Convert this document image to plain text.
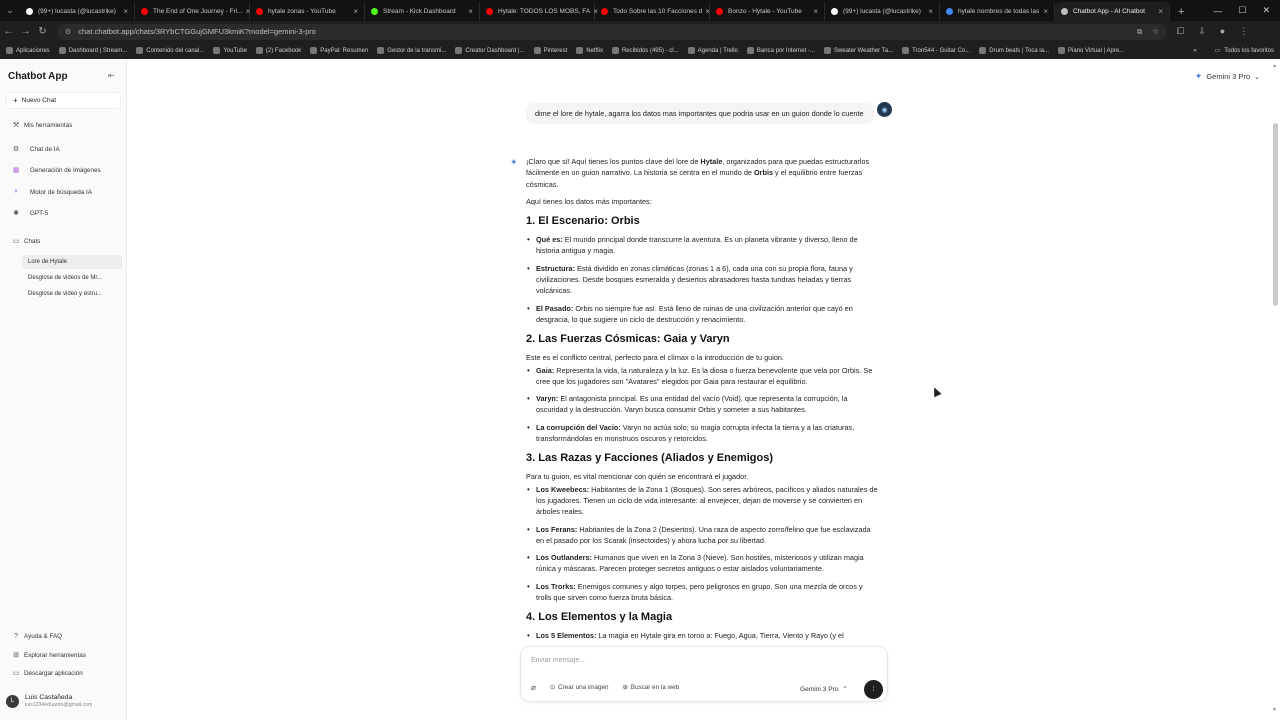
⌄	(99+) lucasta (@lucastrike) ×	The End of One Journey - Fri... ×	hytale zonas - YouTube	×	Stream - Kick Dashboard	×	Hytale: TODOS LOS MOBS, FA × Todo Sobre las 10 Facciones d ×	Bonzo - Hytale - YouTube	×	(99+) lucasta (@lucastrike) ×	hytale nombres de todas las ×	Chatbot App - AI Chatbot	×	+	— ☐ ✕
← → ↻	⚙ chat.chatbot.app/chats/3RYbCTGGujGMFU3kmiK?model=gemini-3-pro	⧉ ☆ ⧠ ⇩ ● ⋮
Aplicaciones	Dashboard | Stream...	Contenido del canal...	YouTube	(2) Facebook	PayPal: Resumen	Gestor de la transmi...	Creator Dashboard |...	Pinterest	Netflix	Recibidos (495) - cl...	Agenda | Trello	Banca por Internet -...	Sweater Weather Ta...	Tron544 - Guitar Co...	Drum beats | Toca la...	Piano Virtual | Apre...	»	▭ Todos los favoritos
Chatbot App	⇤
+ Nuevo Chat
⚒ Mis herramientas
⚙ Chat de IA
▦ Generación de Imágenes
⌕	Motor de búsqueda IA
✺	GPT-5
▭ Chats
Lore de Hytale
Desglose de videos de Mr...
Desglose de video y estru...
? Ayuda & FAQ
⊞ Explorar herramientas
▭ Descargar aplicación
L	Luis Castañeda
luis1234eduardo@gmail.com
✦ Gemini 3 Pro ⌄
dime el lore de hytale, agarra los datos mas importantes que podria usar en un guion donde lo cuente	◉
✦ ¡Claro que sí! Aquí tienes los puntos clave del lore de Hytale, organizados para que puedas estructurarlos fácilmente en un guion narrativo. La historia se centra en el mundo de Orbis y el equilibrio entre fuerzas cósmicas.

Aquí tienes los datos más importantes:

1. El Escenario: Orbis
• Qué es: El mundo principal donde transcurre la aventura. Es un planeta vibrante y diverso, lleno de historia antigua y magia.
• Estructura: Está dividido en zonas climáticas (zonas 1 a 6), cada una con su propia flora, fauna y civilizaciones. Desde bosques esmeralda y desiertos abrasadores hasta tundras heladas y tierras volcánicas.
• El Pasado: Orbis no siempre fue así. Está lleno de ruinas de una civilización anterior que cayó en desgracia, lo que sugiere un ciclo de destrucción y renacimiento.
2. Las Fuerzas Cósmicas: Gaia y Varyn

Este es el conflicto central, perfecto para el clímax o la introducción de tu guion.

• Gaia: Representa la vida, la naturaleza y la luz. Es la diosa o fuerza benevolente que vela por Orbis. Se cree que los jugadores son "Avatares" elegidos por Gaia para restaurar el equilibrio.
• Varyn: El antagonista principal. Es una entidad del vacío (Void), que representa la corrupción, la oscuridad y la destrucción. Varyn busca consumir Orbis y someter a sus habitantes.
• La corrupción del Vacío: Varyn no actúa solo; su magia corrupta infecta la tierra y a las criaturas, transformándolas en monstruos oscuros y retorcidos.
3. Las Razas y Facciones (Aliados y Enemigos)

Para tu guion, es vital mencionar con quién se encontrará el jugador.

• Los Kweebecs: Habitantes de la Zona 1 (Bosques). Son seres arbóreos, pacíficos y aliados naturales de los jugadores. Tienen un ciclo de vida interesante: al envejecer, dejan de moverse y se convierten en árboles reales.
• Los Ferans: Habitantes de la Zona 2 (Desiertos). Una raza de aspecto zorro/felino que fue esclavizada en el pasado por los Scarak (insectoides) y ahora lucha por su libertad.
• Los Outlanders: Humanos que viven en la Zona 3 (Nieve). Son hostiles, misteriosos y utilizan magia rúnica y máscaras. Parecen proteger secretos antiguos o estar aislados voluntariamente.
• Los Trorks: Enemigos comunes y algo torpes, pero peligrosos en grupo. Son una mezcla de orcos y trolls que sirven como fuerza bruta básica.
4. Los Elementos y la Magia
• Los 5 Elementos: La magia en Hytale gira en torno a: Fuego, Agua, Tierra, Viento y Rayo (y el
Enviar mensaje...
⌀ ⊙ Crear una imagen ⊕ Buscar en la web	Gemini 3 Pro ⌃	⦙
▲
▼
